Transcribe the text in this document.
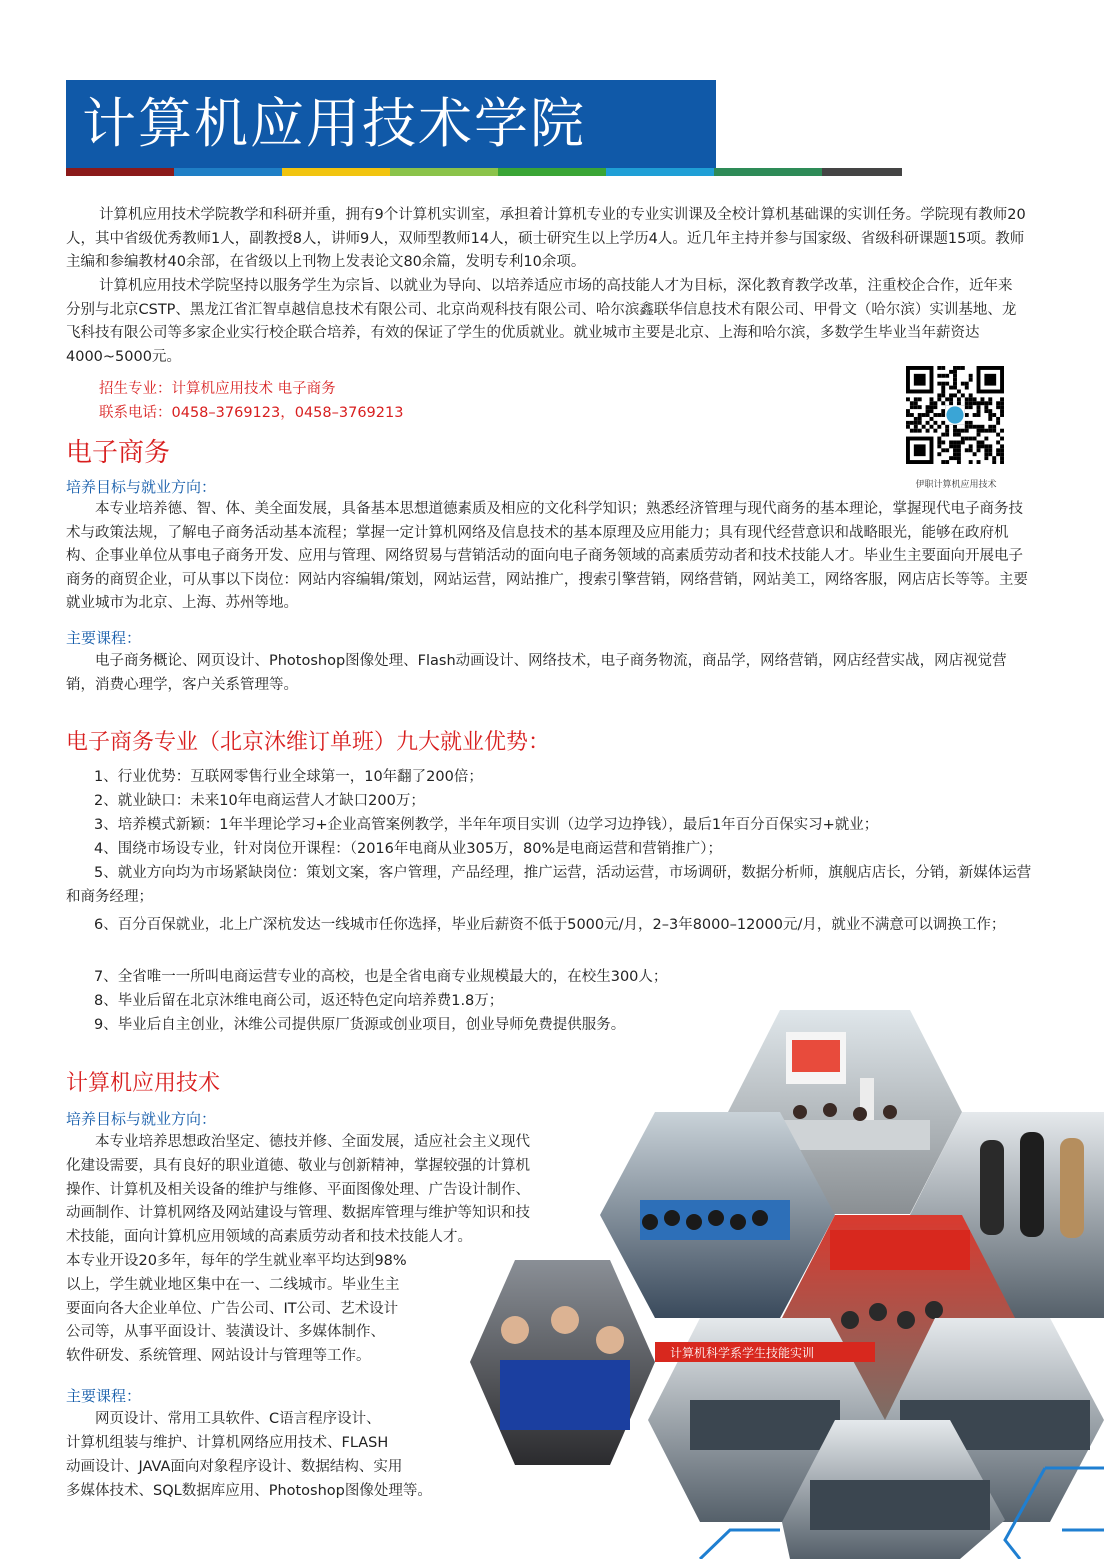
计算机应用技术学院

计算机应用技术学院教学和科研并重，拥有9个计算机实训室，承担着计算机专业的专业实训课及全校计算机基础课的实训任务。学院现有教师20人，其中省级优秀教师1人，副教授8人，讲师9人，双师型教师14人，硕士研究生以上学历4人。近几年主持并参与国家级、省级科研课题15项。教师主编和参编教材40余部，在省级以上刊物上发表论文80余篇，发明专利10余项。

计算机应用技术学院坚持以服务学生为宗旨、以就业为导向、以培养适应市场的高技能人才为目标，深化教育教学改革，注重校企合作，近年来分别与北京CSTP、黑龙江省汇智卓越信息技术有限公司、北京尚观科技有限公司、哈尔滨鑫联华信息技术有限公司、甲骨文（哈尔滨）实训基地、龙飞科技有限公司等多家企业实行校企联合培养，有效的保证了学生的优质就业。就业城市主要是北京、上海和哈尔滨，多数学生毕业当年薪资达4000~5000元。

招生专业：计算机应用技术 电子商务
联系电话：0458–3769123，0458–3769213
伊职计算机应用技术
电子商务
培养目标与就业方向：

本专业培养德、智、体、美全面发展，具备基本思想道德素质及相应的文化科学知识；熟悉经济管理与现代商务的基本理论，掌握现代电子商务技术与政策法规，了解电子商务活动基本流程；掌握一定计算机网络及信息技术的基本原理及应用能力；具有现代经营意识和战略眼光，能够在政府机构、企事业单位从事电子商务开发、应用与管理、网络贸易与营销活动的面向电子商务领域的高素质劳动者和技术技能人才。毕业生主要面向开展电子商务的商贸企业，可从事以下岗位：网站内容编辑/策划，网站运营，网站推广，搜索引擎营销，网络营销，网站美工，网络客服，网店店长等等。主要就业城市为北京、上海、苏州等地。

主要课程：

电子商务概论、网页设计、Photoshop图像处理、Flash动画设计、网络技术，电子商务物流，商品学，网络营销，网店经营实战，网店视觉营销，消费心理学，客户关系管理等。

电子商务专业（北京沐维订单班）九大就业优势：
1、行业优势：互联网零售行业全球第一，10年翻了200倍；
2、就业缺口：未来10年电商运营人才缺口200万；
3、培养模式新颖：1年半理论学习+企业高管案例教学，半年年项目实训（边学习边挣钱），最后1年百分百保实习+就业；
4、围绕市场设专业，针对岗位开课程：（2016年电商从业305万，80%是电商运营和营销推广）；
5、就业方向均为市场紧缺岗位：策划文案，客户管理，产品经理，推广运营，活动运营，市场调研，数据分析师，旗舰店店长，分销，新媒体运营和商务经理；
6、百分百保就业，北上广深杭发达一线城市任你选择，毕业后薪资不低于5000元/月，2–3年8000–12000元/月，就业不满意可以调换工作；
7、全省唯一一所叫电商运营专业的高校，也是全省电商专业规模最大的，在校生300人；
8、毕业后留在北京沐维电商公司，返还特色定向培养费1.8万；
9、毕业后自主创业，沐维公司提供原厂货源或创业项目，创业导师免费提供服务。
计算机应用技术
培养目标与就业方向：
本专业培养思想政治坚定、德技并修、全面发展，适应社会主义现代
化建设需要，具有良好的职业道德、敬业与创新精神，掌握较强的计算机
操作、计算机及相关设备的维护与维修、平面图像处理、广告设计制作、
动画制作、计算机网络及网站建设与管理、数据库管理与维护等知识和技
术技能，面向计算机应用领域的高素质劳动者和技术技能人才。
本专业开设20多年，每年的学生就业率平均达到98%
以上，学生就业地区集中在一、二线城市。毕业生主
要面向各大企业单位、广告公司、IT公司、艺术设计
公司等，从事平面设计、装潢设计、多媒体制作、
软件研发、系统管理、网站设计与管理等工作。
主要课程：
网页设计、常用工具软件、C语言程序设计、
计算机组装与维护、计算机网络应用技术、FLASH
动画设计、JAVA面向对象程序设计、数据结构、实用
多媒体技术、SQL数据库应用、Photoshop图像处理等。
计算机科学系学生技能实训
